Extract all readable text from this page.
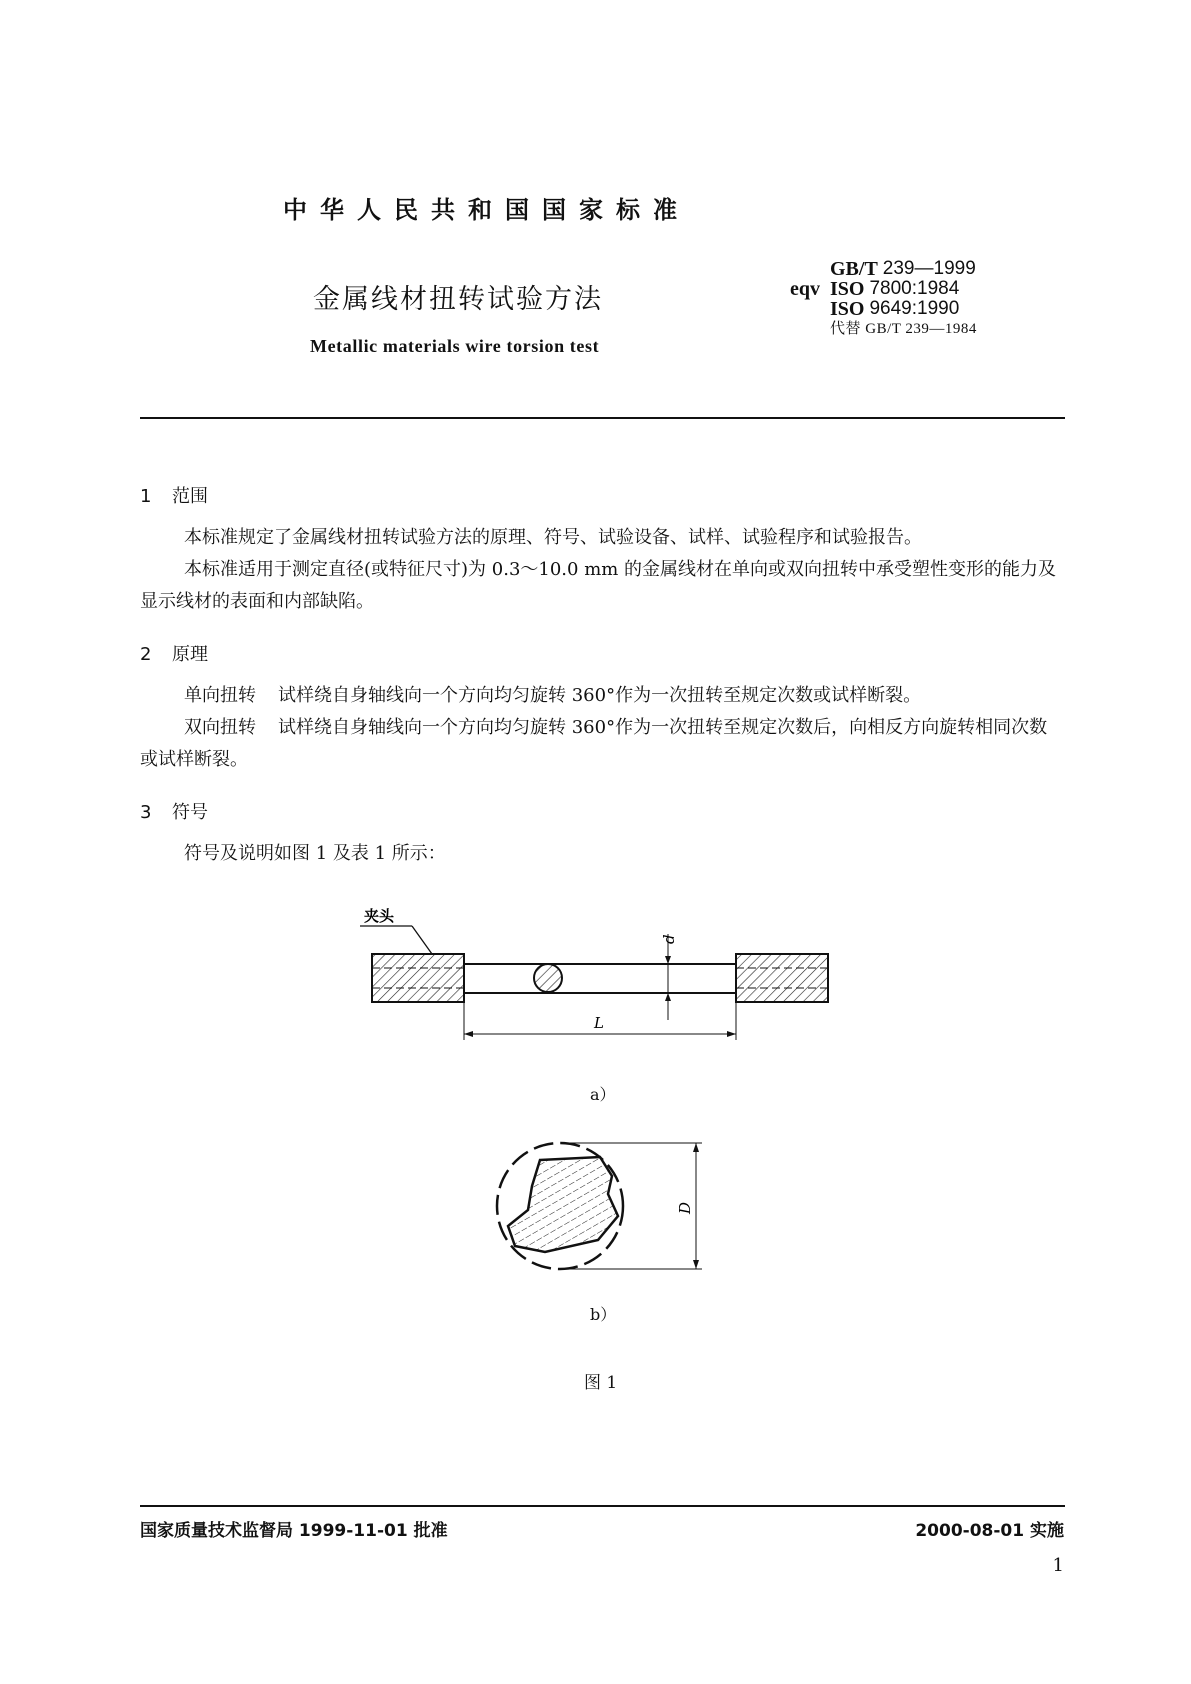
中华人民共和国国家标准
金属线材扭转试验方法
Metallic materials wire torsion test
GB/T
239—1999
eqv ISO
7800:1984
ISO
9649:1990
代替 GB/T 239—1984
1 范围
本标准规定了金属线材扭转试验方法的原理、符号、试验设备、试样、试验程序和试验报告。
本标准适用于测定直径(或特征尺寸)为 0.3～10.0 mm 的金属线材在单向或双向扭转中承受塑性变形的能力及显示线材的表面和内部缺陷。
2 原理
单向扭转 试样绕自身轴线向一个方向均匀旋转 360°作为一次扭转至规定次数或试样断裂。
双向扭转 试样绕自身轴线向一个方向均匀旋转 360°作为一次扭转至规定次数后，向相反方向旋转相同次数或试样断裂。
3 符号
符号及说明如图 1 及表 1 所示：
夹头
d
L
a）
D
b）
图 1
国家质量技术监督局 1999-11-01 批准	2000-08-01 实施
1
